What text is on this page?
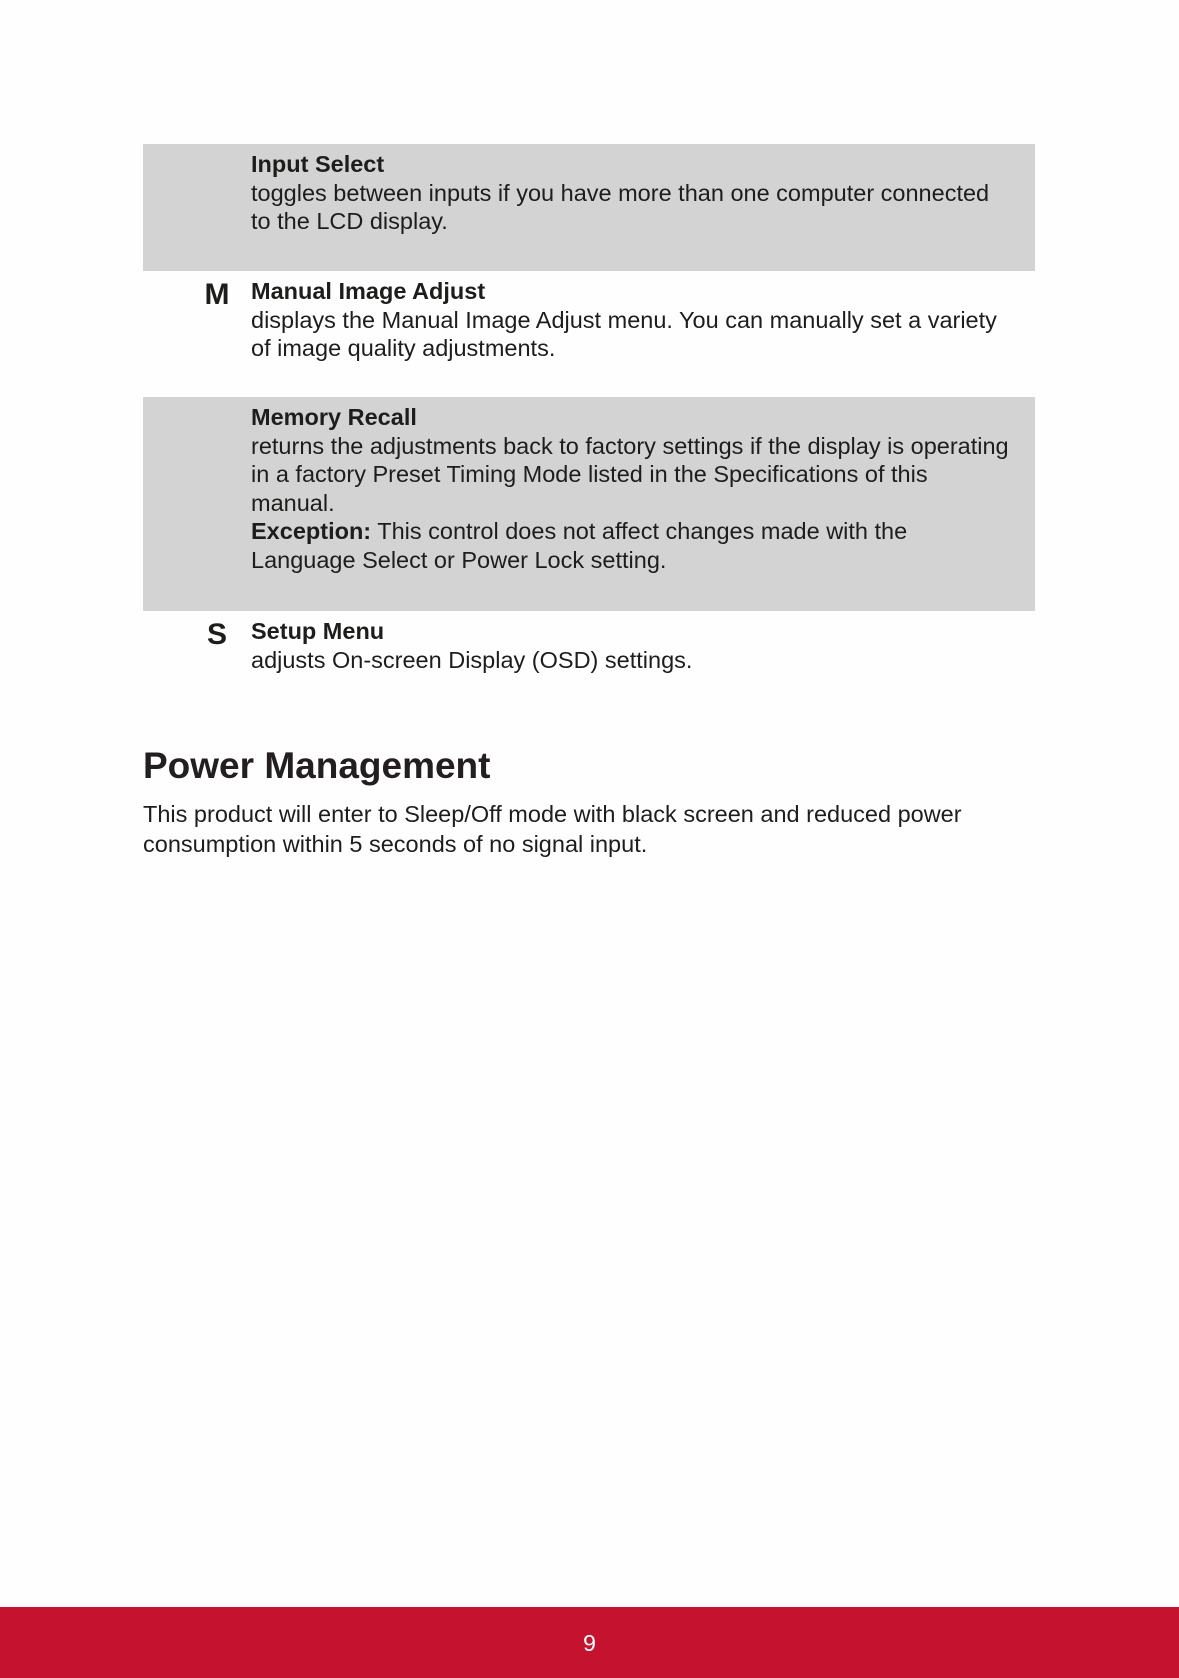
Input Select
toggles between inputs if you have more than one computer connected
to the LCD display.
M Manual Image Adjust
displays the Manual Image Adjust menu. You can manually set a variety
of image quality adjustments.
Memory Recall
returns the adjustments back to factory settings if the display is operating
in a factory Preset Timing Mode listed in the Specifications of this
manual.
Exception: This control does not affect changes made with the
Language Select or Power Lock setting.
S	Setup Menu
adjusts On-screen Display (OSD) settings.
Power Management

This product will enter to Sleep/Off mode with black screen and reduced power
consumption within 5 seconds of no signal input.

9
